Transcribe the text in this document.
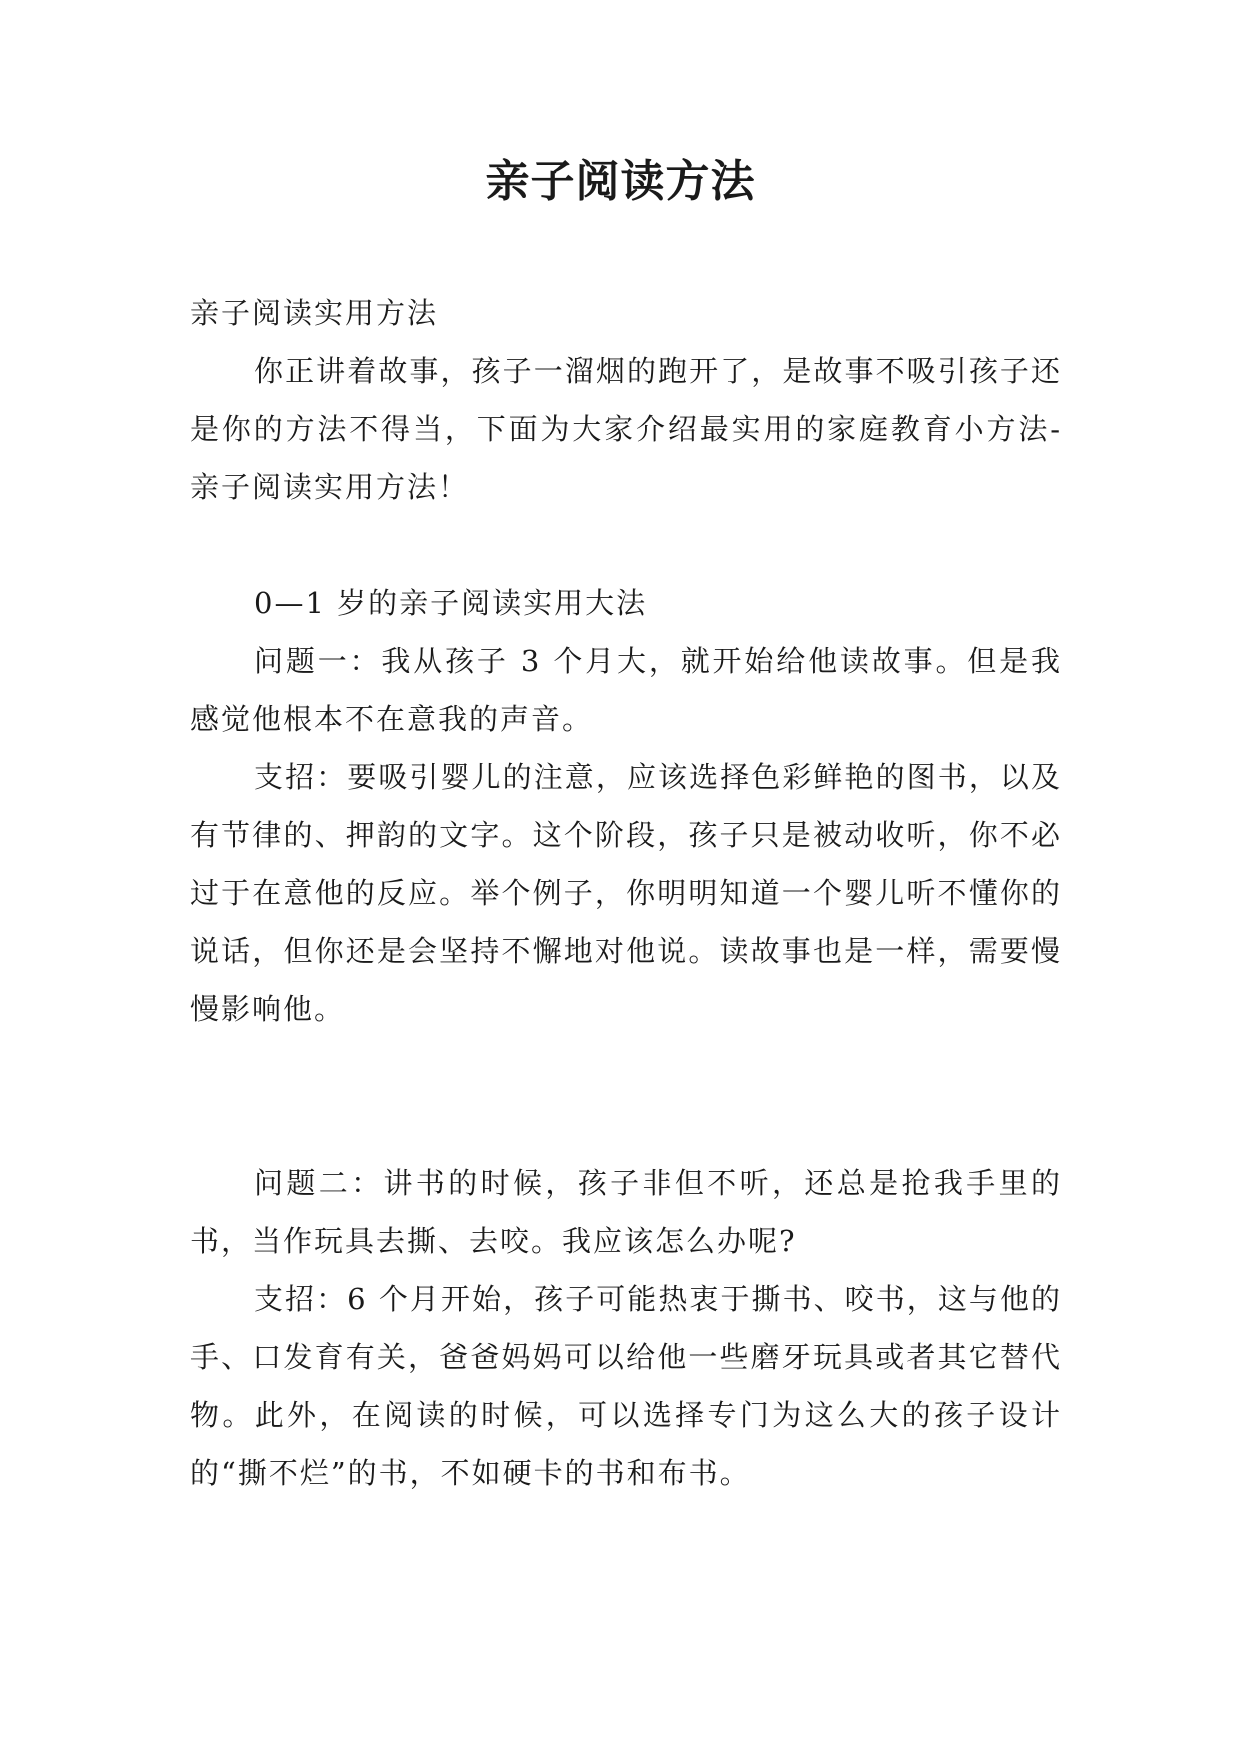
亲子阅读方法

亲子阅读实用方法

你正讲着故事，孩子一溜烟的跑开了，是故事不吸引孩子还是你的方法不得当，下面为大家介绍最实用的家庭教育小方法-亲子阅读实用方法！

0—1 岁的亲子阅读实用大法

问题一：我从孩子 3 个月大，就开始给他读故事。但是我感觉他根本不在意我的声音。

支招：要吸引婴儿的注意，应该选择色彩鲜艳的图书，以及有节律的、押韵的文字。这个阶段，孩子只是被动收听，你不必过于在意他的反应。举个例子，你明明知道一个婴儿听不懂你的说话，但你还是会坚持不懈地对他说。读故事也是一样，需要慢慢影响他。

问题二：讲书的时候，孩子非但不听，还总是抢我手里的书，当作玩具去撕、去咬。我应该怎么办呢?

支招：6 个月开始，孩子可能热衷于撕书、咬书，这与他的手、口发育有关，爸爸妈妈可以给他一些磨牙玩具或者其它替代物。此外，在阅读的时候，可以选择专门为这么大的孩子设计的“撕不烂”的书，不如硬卡的书和布书。
